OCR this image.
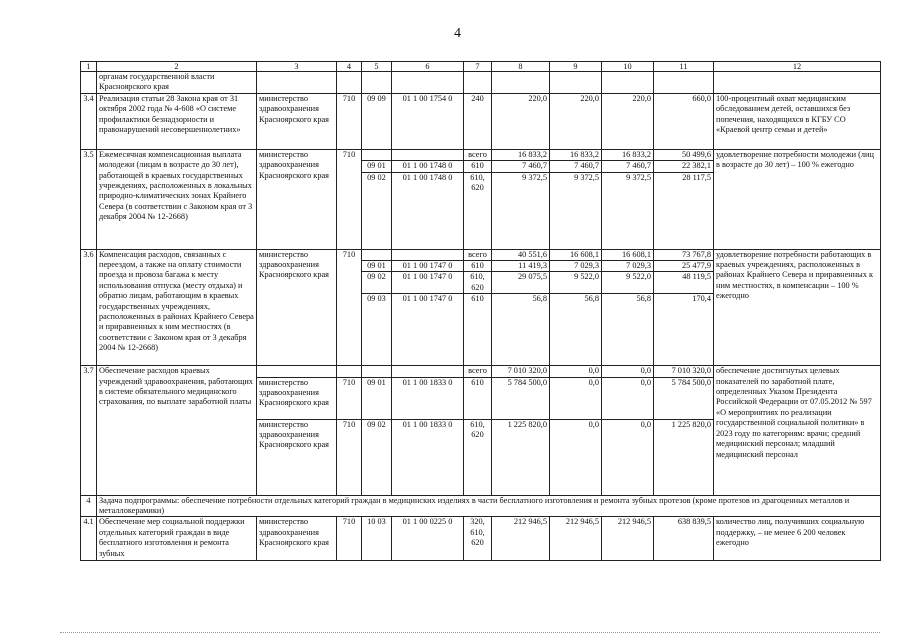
4
1	2	3	4	5	6	7	8	9	10	11	12
	органам государственной власти Красноярского края										
3.4	Реализация статьи 28 Закона края от 31 октября 2002 года № 4-608 «О системе профилактики безнадзорности и правонарушений несовершеннолетних»	министерство здравоохранения Красноярского края	710	09 09	01 1 00 1754 0	240	220,0	220,0	220,0	660,0	100-процентный охват медицинским обследованием детей, оставшихся без попечения, находящихся в КГБУ СО «Краевой центр семьи и детей»
3.5	Ежемесячная компенсационная выплата молодежи (лицам в возрасте до 30 лет), работающей в краевых государственных учреждениях, расположенных в локальных природно-климатических зонах Крайнего Севера (в соответствии с Законом края от 3 декабря 2004 № 12-2668)	министерство здравоохранения Красноярского края	710			всего	16 833,2	16 833,2	16 833,2	50 499,6	удовлетворение потребности молодежи (лиц в возрасте до 30 лет) – 100 % ежегодно
				09 01	01 1 00 1748 0	610	7 460,7	7 460,7	7 460,7	22 382,1	
				09 02	01 1 00 1748 0	610, 620	9 372,5	9 372,5	9 372,5	28 117,5	
3.6	Компенсация расходов, связанных с переездом, а также на оплату стоимости проезда и провоза багажа к месту использования отпуска (месту отдыха) и обратно лицам, работающим в краевых государственных учреждениях, расположенных в районах Крайнего Севера и приравненных к ним местностях (в соответствии с Законом края от 3 декабря 2004 № 12-2668)	министерство здравоохранения Красноярского края	710			всего	40 551,6	16 608,1	16 608,1	73 767,8	удовлетворение потребности работающих в краевых учреждениях, расположенных в районах Крайнего Севера и приравненных к ним местностях, в компенсации – 100 % ежегодно
				09 01	01 1 00 1747 0	610	11 419,3	7 029,3	7 029,3	25 477,9	
				09 02	01 1 00 1747 0	610, 620	29 075,5	9 522,0	9 522,0	48 119,5	
				09 03	01 1 00 1747 0	610	56,8	56,8	56,8	170,4	
3.7	Обеспечение расходов краевых учреждений здравоохранения, работающих в системе обязательного медицинского страхования, по выплате заработной платы					всего	7 010 320,0	0,0	0,0	7 010 320,0	обеспечение достигнутых целевых показателей по заработной плате, определенных Указом Президента Российской Федерации от 07.05.2012 № 597 «О мероприятиях по реализации государственной социальной политики» в 2023 году по категориям: врачи; средний медицинский персонал; младший медицинский персонал
		министерство здравоохранения Красноярского края	710	09 01	01 1 00 1833 0	610	5 784 500,0	0,0	0,0	5 784 500,0	
		министерство здравоохранения Красноярского края	710	09 02	01 1 00 1833 0	610, 620	1 225 820,0	0,0	0,0	1 225 820,0	
4	Задача подпрограммы: обеспечение потребности отдельных категорий граждан в медицинских изделиях в части бесплатного изготовления и ремонта зубных протезов (кроме протезов из драгоценных металлов и металлокерамики)										
4.1	Обеспечение мер социальной поддержки отдельных категорий граждан в виде бесплатного изготовления и ремонта зубных	министерство здравоохранения Красноярского края	710	10 03	01 1 00 0225 0	320, 610, 620	212 946,5	212 946,5	212 946,5	638 839,5	количество лиц, получивших социальную поддержку, – не менее 6 200 человек ежегодно
